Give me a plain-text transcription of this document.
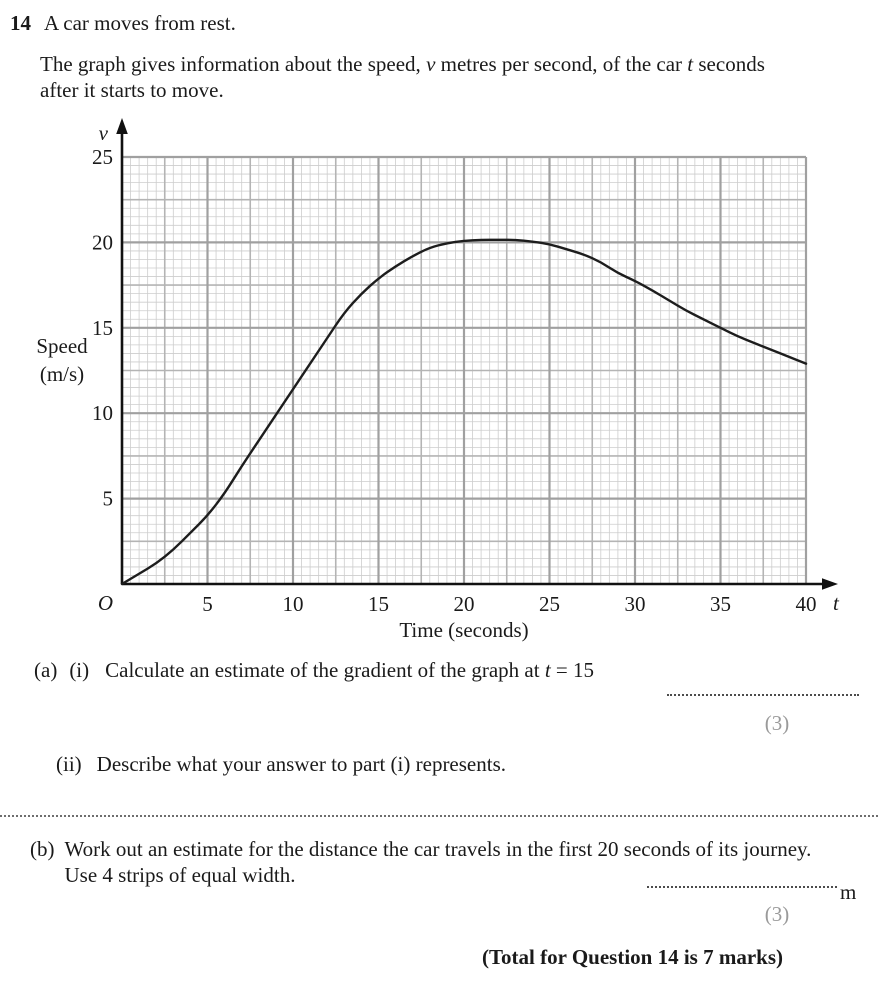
14 A car moves from rest.
The graph gives information about the speed, v metres per second, of the car t seconds
after it starts to move.
5
10
15
20
25
5	10	15	20	25	30	35	40
O
v
t
Time (seconds)
Speed
(m/s)
(a) (i) Calculate an estimate of the gradient of the graph at t = 15
(3)
(ii) Describe what your answer to part (i) represents.
(b) Work out an estimate for the distance the car travels in the first 20 seconds of its journey.
Use 4 strips of equal width.
m
(3)
(Total for Question 14 is 7 marks)
